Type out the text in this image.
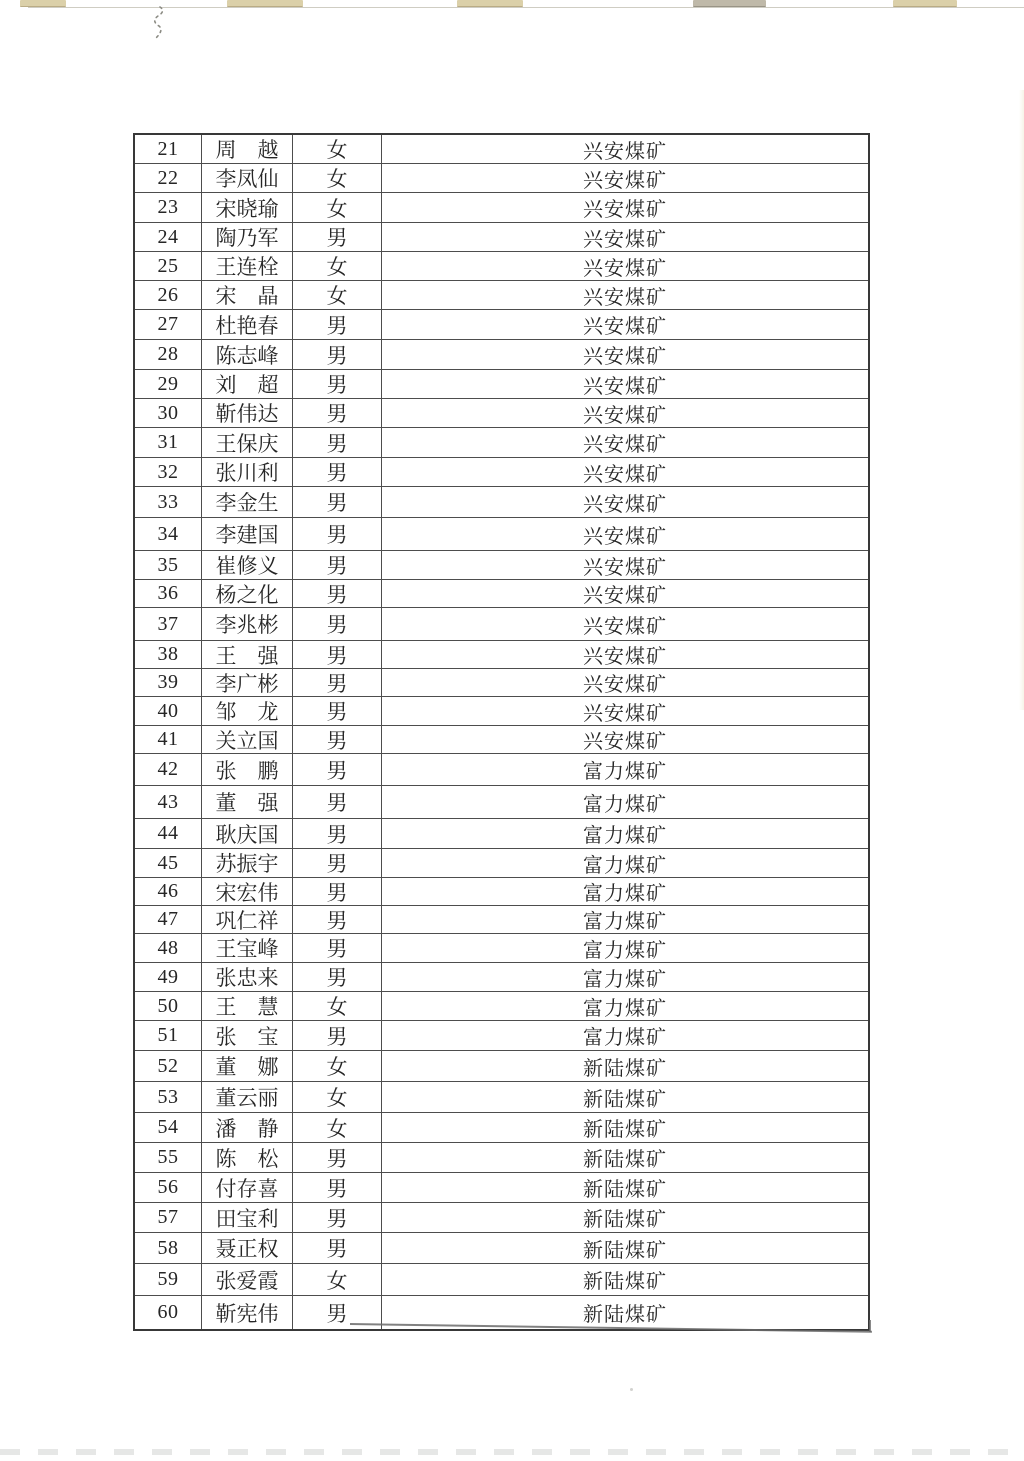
21	周　越	女	兴安煤矿
22	李凤仙	女	兴安煤矿
23	宋晓瑜	女	兴安煤矿
24	陶乃军	男	兴安煤矿
25	王连栓	女	兴安煤矿
26	宋　晶	女	兴安煤矿
27	杜艳春	男	兴安煤矿
28	陈志峰	男	兴安煤矿
29	刘　超	男	兴安煤矿
30	靳伟达	男	兴安煤矿
31	王保庆	男	兴安煤矿
32	张川利	男	兴安煤矿
33	李金生	男	兴安煤矿
34	李建国	男	兴安煤矿
35	崔修义	男	兴安煤矿
36	杨之化	男	兴安煤矿
37	李兆彬	男	兴安煤矿
38	王　强	男	兴安煤矿
39	李广彬	男	兴安煤矿
40	邹　龙	男	兴安煤矿
41	关立国	男	兴安煤矿
42	张　鹏	男	富力煤矿
43	董　强	男	富力煤矿
44	耿庆国	男	富力煤矿
45	苏振宇	男	富力煤矿
46	宋宏伟	男	富力煤矿
47	巩仁祥	男	富力煤矿
48	王宝峰	男	富力煤矿
49	张忠来	男	富力煤矿
50	王　慧	女	富力煤矿
51	张　宝	男	富力煤矿
52	董　娜	女	新陆煤矿
53	董云丽	女	新陆煤矿
54	潘　静	女	新陆煤矿
55	陈　松	男	新陆煤矿
56	付存喜	男	新陆煤矿
57	田宝利	男	新陆煤矿
58	聂正权	男	新陆煤矿
59	张爱霞	女	新陆煤矿
60	靳宪伟	男	新陆煤矿
